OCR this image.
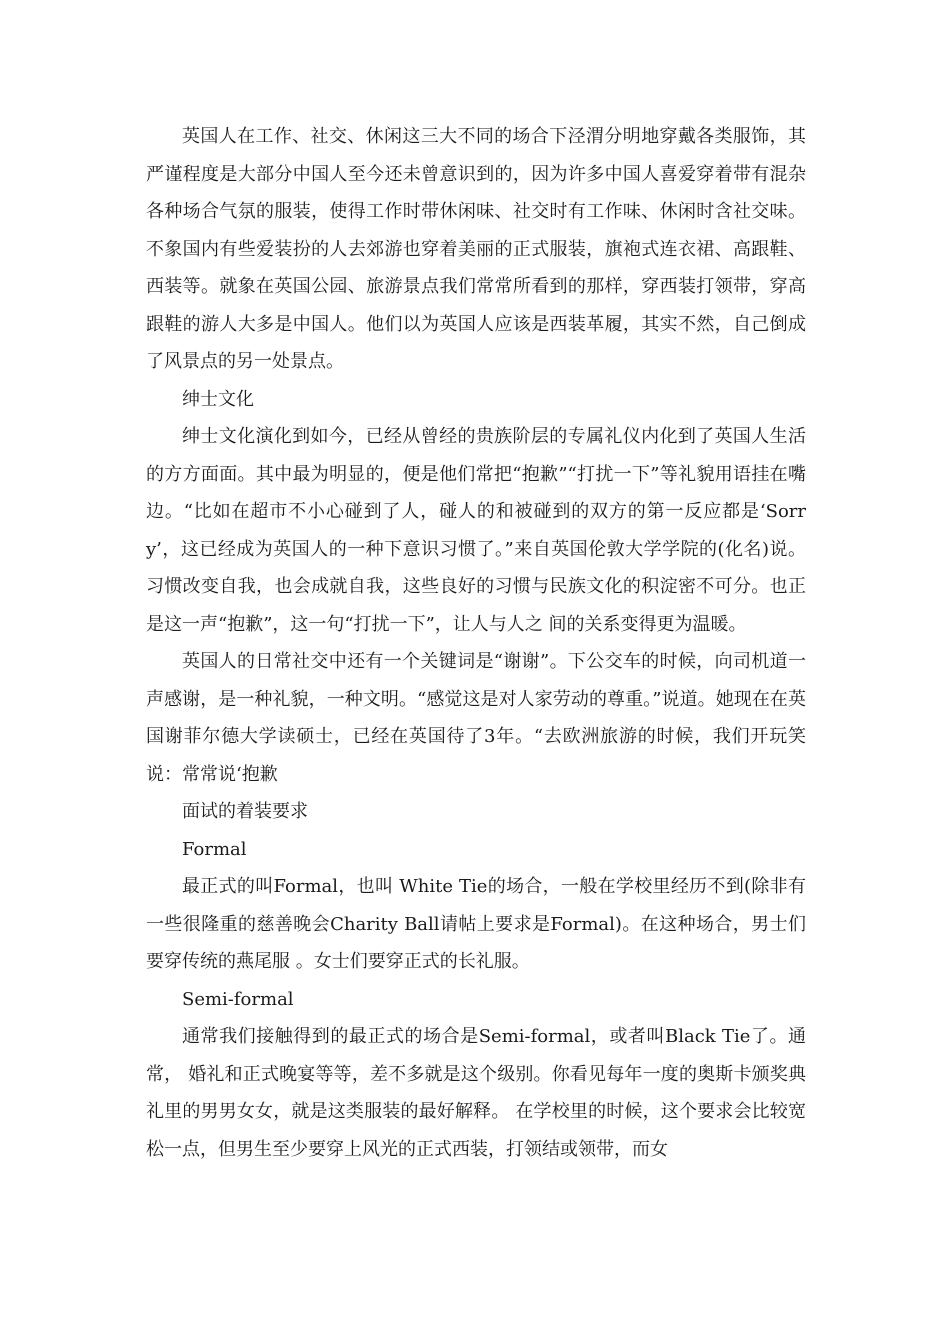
英国人在工作、社交、休闲这三大不同的场合下泾渭分明地穿戴各类服饰，其严谨程度是大部分中国人至今还未曾意识到的，因为许多中国人喜爱穿着带有混杂各种场合气氛的服装，使得工作时带休闲味、社交时有工作味、休闲时含社交味。不象国内有些爱装扮的人去郊游也穿着美丽的正式服装，旗袍式连衣裙、高跟鞋、西装等。就象在英国公园、旅游景点我们常常所看到的那样，穿西装打领带，穿高跟鞋的游人大多是中国人。他们以为英国人应该是西装革履，其实不然，自己倒成了风景点的另一处景点。

绅士文化

绅士文化演化到如今，已经从曾经的贵族阶层的专属礼仪内化到了英国人生活的方方面面。其中最为明显的，便是他们常把“抱歉”“打扰一下”等礼貌用语挂在嘴边。“比如在超市不小心碰到了人，碰人的和被碰到的双方的第一反应都是‘Sorry’，这已经成为英国人的一种下意识习惯了。”来自英国伦敦大学学院的(化名)说。习惯改变自我，也会成就自我，这些良好的习惯与民族文化的积淀密不可分。也正是这一声“抱歉”，这一句“打扰一下”，让人与人之 间的关系变得更为温暖。

英国人的日常社交中还有一个关键词是“谢谢”。下公交车的时候，向司机道一声感谢，是一种礼貌，一种文明。“感觉这是对人家劳动的尊重。”说道。她现在在英国谢菲尔德大学读硕士，已经在英国待了3年。“去欧洲旅游的时候，我们开玩笑说：常常说‘抱歉

面试的着装要求

Formal

最正式的叫Formal，也叫 White Tie的场合，一般在学校里经历不到(除非有一些很隆重的慈善晚会Charity Ball请帖上要求是Formal)。在这种场合，男士们要穿传统的燕尾服 。女士们要穿正式的长礼服。

Semi-formal

通常我们接触得到的最正式的场合是Semi-formal，或者叫Black Tie了。通常， 婚礼和正式晚宴等等，差不多就是这个级别。你看见每年一度的奥斯卡颁奖典礼里的男男女女，就是这类服装的最好解释。 在学校里的时候，这个要求会比较宽松一点，但男生至少要穿上风光的正式西装，打领结或领带，而女
